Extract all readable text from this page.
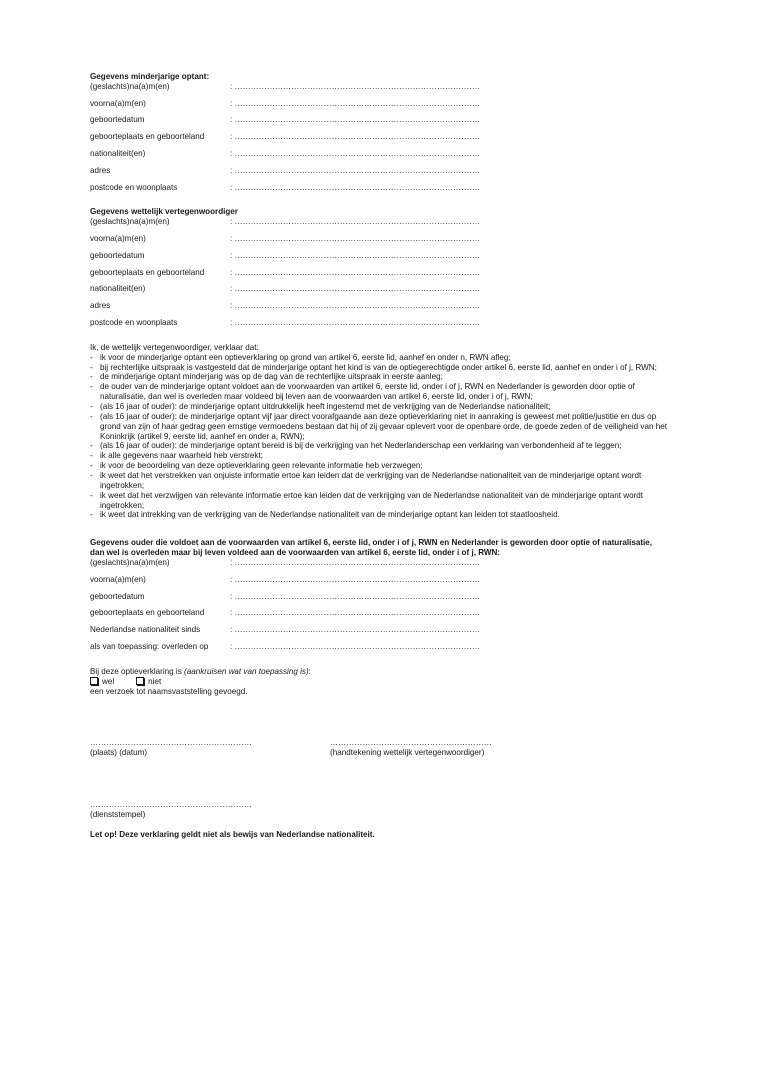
Gegevens minderjarige optant:

(geslachts)na(a)m(en)	: ……………………………………………………………………………….
voorna(a)m(en)	: ……………………………………………………………………………….
geboortedatum	: ……………………………………………………………………………….
geboorteplaats en geboorteland	: ……………………………………………………………………………….
nationaliteit(en)	: ……………………………………………………………………………….
adres	: ……………………………………………………………………………….
postcode en woonplaats	: ……………………………………………………………………………….

Gegevens wettelijk vertegenwoordiger

(geslachts)na(a)m(en)	: ……………………………………………………………………………….
voorna(a)m(en)	: ……………………………………………………………………………….
geboortedatum	: ……………………………………………………………………………….
geboorteplaats en geboorteland	: ……………………………………………………………………………….
nationaliteit(en)	: ……………………………………………………………………………….
adres	: ……………………………………………………………………………….
postcode en woonplaats	: ……………………………………………………………………………….

Ik, de wettelijk vertegenwoordiger, verklaar dat:

- ik voor de minderjarige optant een optieverklaring op grond van artikel 6, eerste lid, aanhef en onder n, RWN afleg;
- bij rechterlijke uitspraak is vastgesteld dat de minderjarige optant het kind is van de optiegerechtigde onder artikel 6, eerste lid, aanhef en onder i of j, RWN;
- de minderjarige optant minderjarig was op de dag van de rechterlijke uitspraak in eerste aanleg;
- de ouder van de minderjarige optant voldoet aan de voorwaarden van artikel 6, eerste lid, onder i of j, RWN en Nederlander is geworden door optie of naturalisatie, dan wel is overleden maar voldeed bij leven aan de voorwaarden van artikel 6, eerste lid, onder i of j, RWN;
- (als 16 jaar of ouder): de minderjarige optant uitdrukkelijk heeft ingestemd met de verkrijging van de Nederlandse nationaliteit;
- (als 16 jaar of ouder): de minderjarige optant vijf jaar direct voorafgaande aan deze optieverklaring niet in aanraking is geweest met politie/justitie en dus op grond van zijn of haar gedrag geen ernstige vermoedens bestaan dat hij of zij gevaar oplevert voor de openbare orde, de goede zeden of de veiligheid van het Koninkrijk (artikel 9, eerste lid, aanhef en onder a, RWN);
- (als 16 jaar of ouder): de minderjarige optant bereid is bij de verkrijging van het Nederlanderschap een verklaring van verbondenheid af te leggen;
- ik alle gegevens naar waarheid heb verstrekt;
- ik voor de beoordeling van deze optieverklaring geen relevante informatie heb verzwegen;
- ik weet dat het verstrekken van onjuiste informatie ertoe kan leiden dat de verkrijging van de Nederlandse nationaliteit van de minderjarige optant wordt ingetrokken;
- ik weet dat het verzwijgen van relevante informatie ertoe kan leiden dat de verkrijging van de Nederlandse nationaliteit van de minderjarige optant wordt ingetrokken;
- ik weet dat intrekking van de verkrijging van de Nederlandse nationaliteit van de minderjarige optant kan leiden tot staatloosheid.

Gegevens ouder die voldoet aan de voorwaarden van artikel 6, eerste lid, onder i of j, RWN en Nederlander is geworden door optie of naturalisatie, dan wel is overleden maar bij leven voldeed aan de voorwaarden van artikel 6, eerste lid, onder i of j, RWN:

(geslachts)na(a)m(en)	: ……………………………………………………………………………….
voorna(a)m(en)	: ……………………………………………………………………………….
geboortedatum	: ……………………………………………………………………………….
geboorteplaats en geboorteland	: ……………………………………………………………………………….
Nederlandse nationaliteit sinds	: ……………………………………………………………………………….
als van toepassing: overleden op	: ……………………………………………………………………………….

Bij deze optieverklaring is (aankruisen wat van toepassing is):

wel	niet

een verzoek tot naamsvaststelling gevoegd.

……………………………………………………
(plaats) (datum)
……………………………………………………
(handtekening wettelijk vertegenwoordiger)
……………………………………………………
(dienststempel)

Let op! Deze verklaring geldt niet als bewijs van Nederlandse nationaliteit.
